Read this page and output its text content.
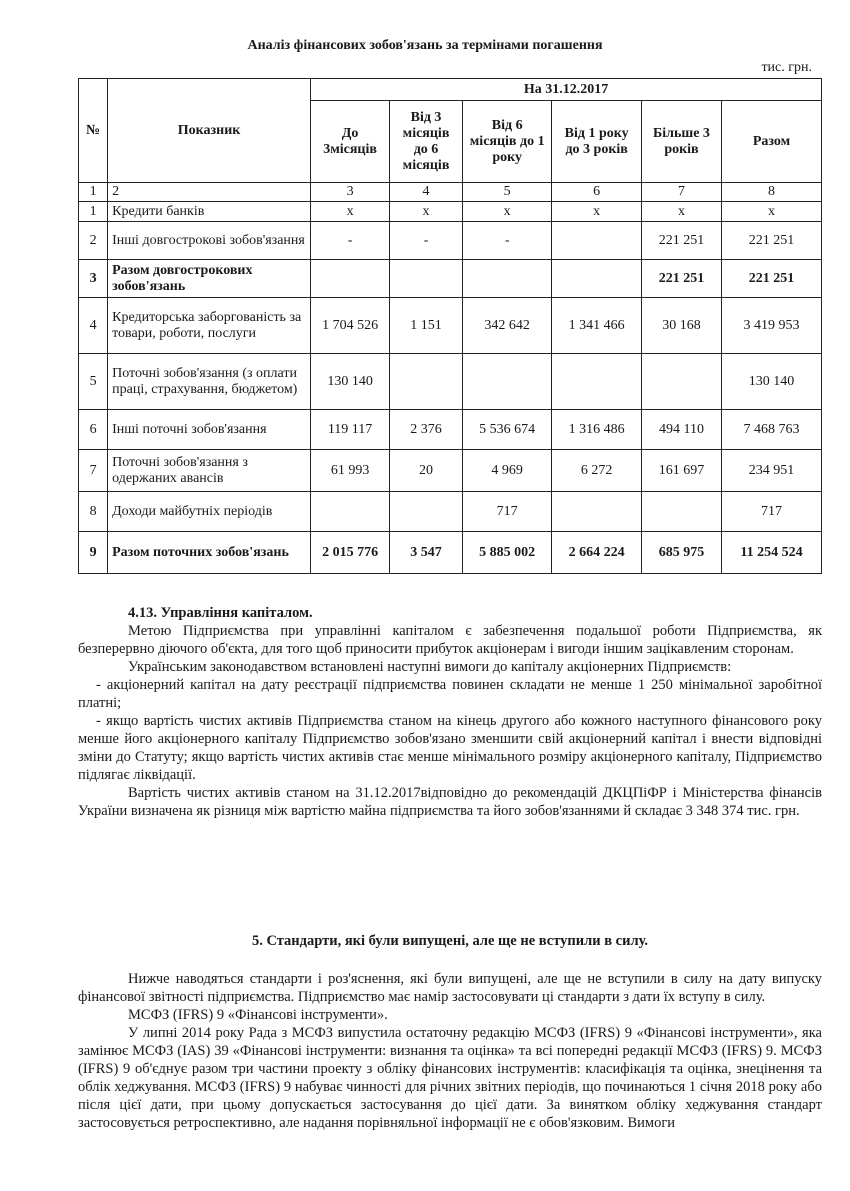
Аналіз фінансових зобов'язань за термінами погашення
тис. грн.
№	Показник	На 31.12.2017					
		До 3місяців	Від 3 місяців до 6 місяців	Від 6 місяців до 1 року	Від 1 року до 3 років	Більше 3 років	Разом
1	2	3	4	5	6	7	8
1	Кредити банків	x	x	x	x	x	x
2	Інші довгострокові зобов'язання	-	-	-		221 251	221 251
3	Разом довгострокових зобов'язань					221 251	221 251
4	Кредиторська заборгованість за товари, роботи, послуги	1 704 526	1 151	342 642	1 341 466	30 168	3 419 953
5	Поточні зобов'язання (з оплати праці, страхування, бюджетом)	130 140					130 140
6	Інші поточні зобов'язання	119 117	2 376	5 536 674	1 316 486	494 110	7 468 763
7	Поточні зобов'язання з одержаних авансів	61 993	20	4 969	6 272	161 697	234 951
8	Доходи майбутніх періодів			717			717
9	Разом поточних зобов'язань	2 015 776	3 547	5 885 002	2 664 224	685 975	11 254 524

4.13. Управління капіталом.

Метою Підприємства при управлінні капіталом є забезпечення подальшої роботи Підприємства, як безперервно діючого об'єкта, для того щоб приносити прибуток акціонерам і вигоди іншим зацікавленим сторонам.

Українським законодавством встановлені наступні вимоги до капіталу акціонерних Підприємств:

- акціонерний капітал на дату реєстрації підприємства повинен складати не менше 1 250 мінімальної заробітної платні;

- якщо вартість чистих активів Підприємства станом на кінець другого або кожного наступного фінансового року менше його акціонерного капіталу Підприємство зобов'язано зменшити свій акціонерний капітал і внести відповідні зміни до Статуту; якщо вартість чистих активів стає менше мінімального розміру акціонерного капіталу, Підприємство підлягає ліквідації.

Вартість чистих активів станом на 31.12.2017відповідно до рекомендацій ДКЦПіФР і Міністерства фінансів України визначена як різниця між вартістю майна підприємства та його зобов'язаннями й складає 3 348 374 тис. грн.

5. Стандарти, які були випущені, але ще не вступили в силу.

Нижче наводяться стандарти і роз'яснення, які були випущені, але ще не вступили в силу на дату випуску фінансової звітності підприємства. Підприємство має намір застосовувати ці стандарти з дати їх вступу в силу.

МСФЗ (IFRS) 9 «Фінансові інструменти».

У липні 2014 року Рада з МСФЗ випустила остаточну редакцію МСФЗ (IFRS) 9 «Фінансові інструменти», яка замінює МСФЗ (IAS) 39 «Фінансові інструменти: визнання та оцінка» та всі попередні редакції МСФЗ (IFRS) 9. МСФЗ (IFRS) 9 об'єднує разом три частини проекту з обліку фінансових інструментів: класифікація та оцінка, знецінення та облік хеджування. МСФЗ (IFRS) 9 набуває чинності для річних звітних періодів, що починаються 1 січня 2018 року або після цієї дати, при цьому допускається застосування до цієї дати. За винятком обліку хеджування стандарт застосовується ретроспективно, але надання порівняльної інформації не є обов'язковим. Вимоги
